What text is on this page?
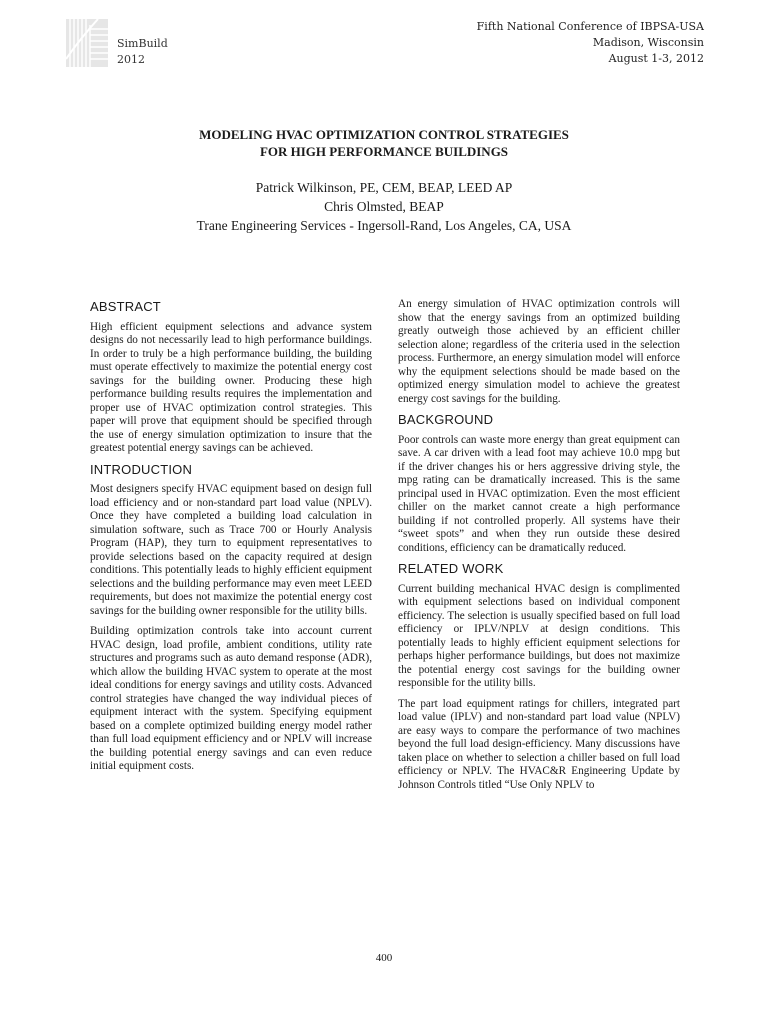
SimBuild
2012
Fifth National Conference of IBPSA-USA
Madison, Wisconsin
August 1-3, 2012
MODELING HVAC OPTIMIZATION CONTROL STRATEGIES
FOR HIGH PERFORMANCE BUILDINGS
Patrick Wilkinson, PE, CEM, BEAP, LEED AP
Chris Olmsted, BEAP
Trane Engineering Services - Ingersoll-Rand, Los Angeles, CA, USA
ABSTRACT

High efficient equipment selections and advance system designs do not necessarily lead to high performance buildings. In order to truly be a high performance building, the building must operate effectively to maximize the potential energy cost savings for the building owner. Producing these high performance building results requires the implementation and proper use of HVAC optimization control strategies. This paper will prove that equipment should be specified through the use of energy simulation optimization to insure that the greatest potential energy savings can be achieved.

INTRODUCTION

Most designers specify HVAC equipment based on design full load efficiency and or non-standard part load value (NPLV). Once they have completed a building load calculation in simulation software, such as Trace 700 or Hourly Analysis Program (HAP), they turn to equipment representatives to provide selections based on the capacity required at design conditions. This potentially leads to highly efficient equipment selections and the building performance may even meet LEED requirements, but does not maximize the potential energy cost savings for the building owner responsible for the utility bills.

Building optimization controls take into account current HVAC design, load profile, ambient conditions, utility rate structures and programs such as auto demand response (ADR), which allow the building HVAC system to operate at the most ideal conditions for energy savings and utility costs. Advanced control strategies have changed the way individual pieces of equipment interact with the system. Specifying equipment based on a complete optimized building energy model rather than full load equipment efficiency and or NPLV will increase the building potential energy savings and can even reduce initial equipment costs.

An energy simulation of HVAC optimization controls will show that the energy savings from an optimized building greatly outweigh those achieved by an efficient chiller selection alone; regardless of the criteria used in the selection process. Furthermore, an energy simulation model will enforce why the equipment selections should be made based on the optimized energy simulation model to achieve the greatest energy cost savings for the building.

BACKGROUND

Poor controls can waste more energy than great equipment can save. A car driven with a lead foot may achieve 10.0 mpg but if the driver changes his or hers aggressive driving style, the mpg rating can be dramatically increased. This is the same principal used in HVAC optimization. Even the most efficient chiller on the market cannot create a high performance building if not controlled properly. All systems have their “sweet spots” and when they run outside these desired conditions, efficiency can be dramatically reduced.

RELATED WORK

Current building mechanical HVAC design is complimented with equipment selections based on individual component efficiency. The selection is usually specified based on full load efficiency or IPLV/NPLV at design conditions. This potentially leads to highly efficient equipment selections for perhaps higher performance buildings, but does not maximize the potential energy cost savings for the building owner responsible for the utility bills.

The part load equipment ratings for chillers, integrated part load value (IPLV) and non-standard part load value (NPLV) are easy ways to compare the performance of two machines beyond the full load design-efficiency. Many discussions have taken place on whether to selection a chiller based on full load efficiency or NPLV. The HVAC&R Engineering Update by Johnson Controls titled “Use Only NPLV to

400
